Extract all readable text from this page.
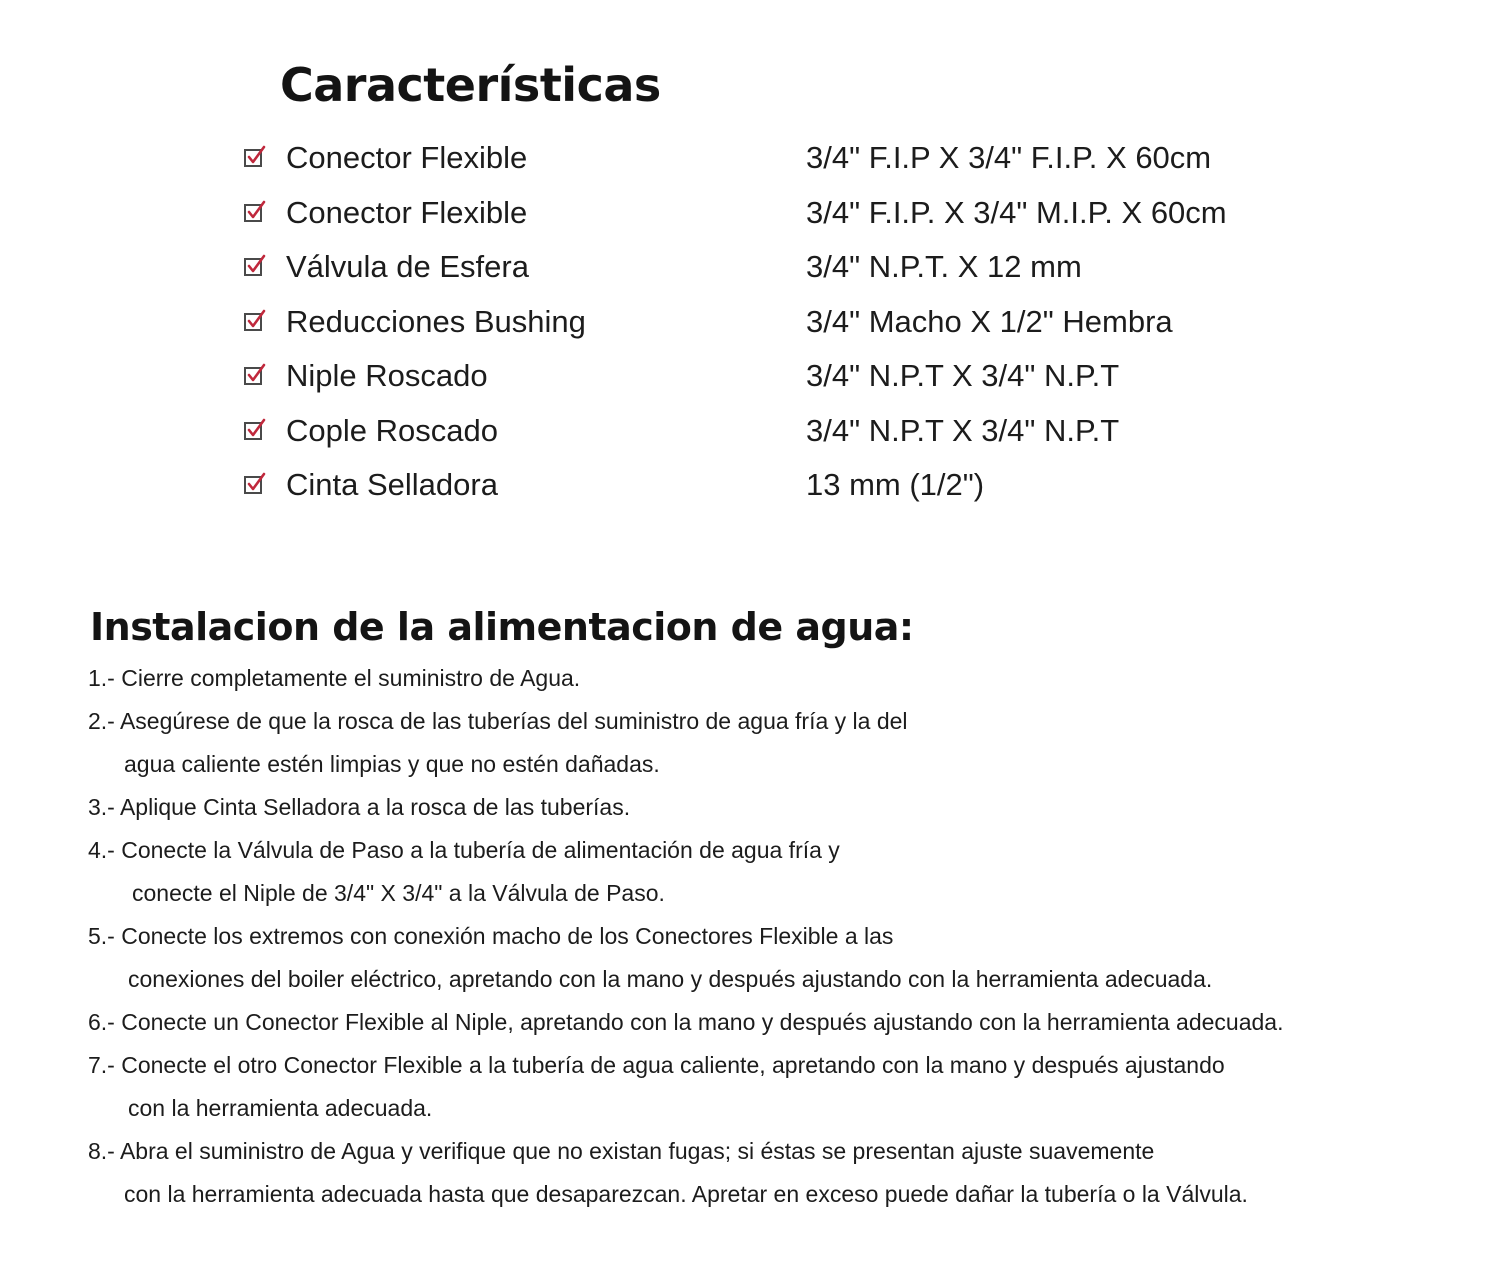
Características
Conector Flexible	3/4" F.I.P X 3/4" F.I.P. X 60cm
Conector Flexible	3/4" F.I.P. X 3/4" M.I.P. X 60cm
Válvula de Esfera	3/4" N.P.T. X 12 mm
Reducciones Bushing	3/4" Macho X 1/2" Hembra
Niple Roscado	3/4" N.P.T X 3/4" N.P.T
Cople Roscado	3/4" N.P.T X 3/4" N.P.T
Cinta Selladora	13 mm (1/2")
Instalacion de la alimentacion de agua:
1.- Cierre completamente el suministro de Agua.
2.- Asegúrese de que la rosca de las tuberías del suministro de agua fría y la del
agua caliente estén limpias y que no estén dañadas.
3.- Aplique Cinta Selladora a la rosca de las tuberías.
4.- Conecte la Válvula de Paso a la tubería de alimentación de agua fría y
conecte el Niple de 3/4" X 3/4" a la Válvula de Paso.
5.- Conecte los extremos con conexión macho de los Conectores Flexible a las
conexiones del boiler eléctrico, apretando con la mano y después ajustando con la herramienta adecuada.
6.- Conecte un Conector Flexible al Niple, apretando con la mano y después ajustando con la herramienta adecuada.
7.- Conecte el otro Conector Flexible a la tubería de agua caliente, apretando con la mano y después ajustando
con la herramienta adecuada.
8.- Abra el suministro de Agua y verifique que no existan fugas; si éstas se presentan ajuste suavemente
con la herramienta adecuada hasta que desaparezcan. Apretar en exceso puede dañar la tubería o la Válvula.
